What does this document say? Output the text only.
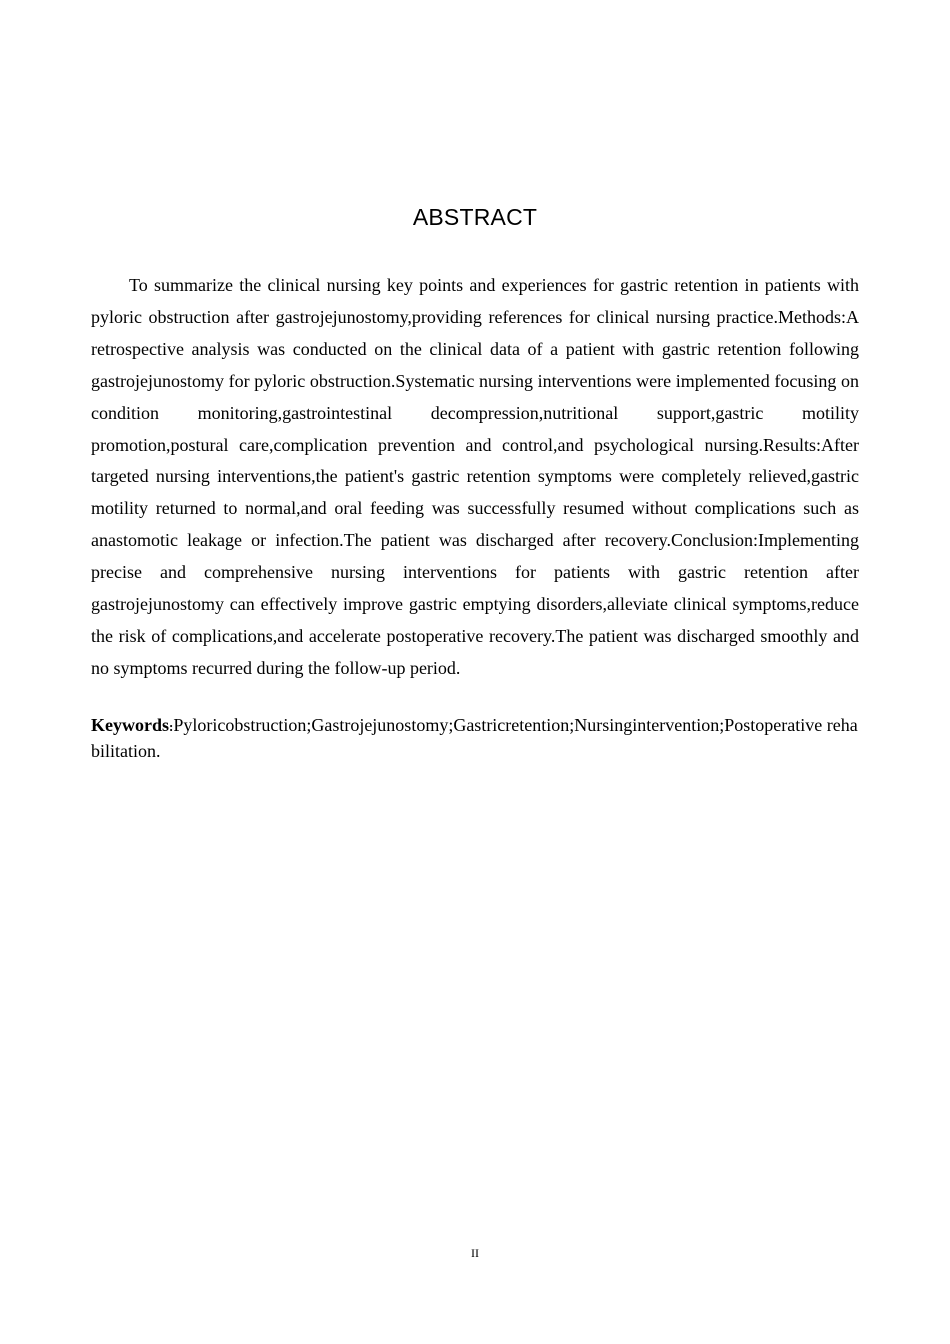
ABSTRACT

To summarize the clinical nursing key points and experiences for gastric retention in patients with pyloric obstruction after gastrojejunostomy,providing references for clinical nursing practice.Methods:A retrospective analysis was conducted on the clinical data of a patient with gastric retention following gastrojejunostomy for pyloric obstruction.Systematic nursing interventions were implemented focusing on condition monitoring,gastrointestinal decompression,nutritional support,gastric motility promotion,postural care,complication prevention and control,and psychological nursing.Results:After targeted nursing interventions,the patient's gastric retention symptoms were completely relieved,gastric motility returned to normal,and oral feeding was successfully resumed without complications such as anastomotic leakage or infection.The patient was discharged after recovery.Conclusion:Implementing precise and comprehensive nursing interventions for patients with gastric retention after gastrojejunostomy can effectively improve gastric emptying disorders,alleviate clinical symptoms,reduce the risk of complications,and accelerate postoperative recovery.The patient was discharged smoothly and no symptoms recurred during the follow-up period.

Keywords:Pyloricobstruction;Gastrojejunostomy;Gastricretention;Nursingintervention;Postoperative rehabilitation.

II
